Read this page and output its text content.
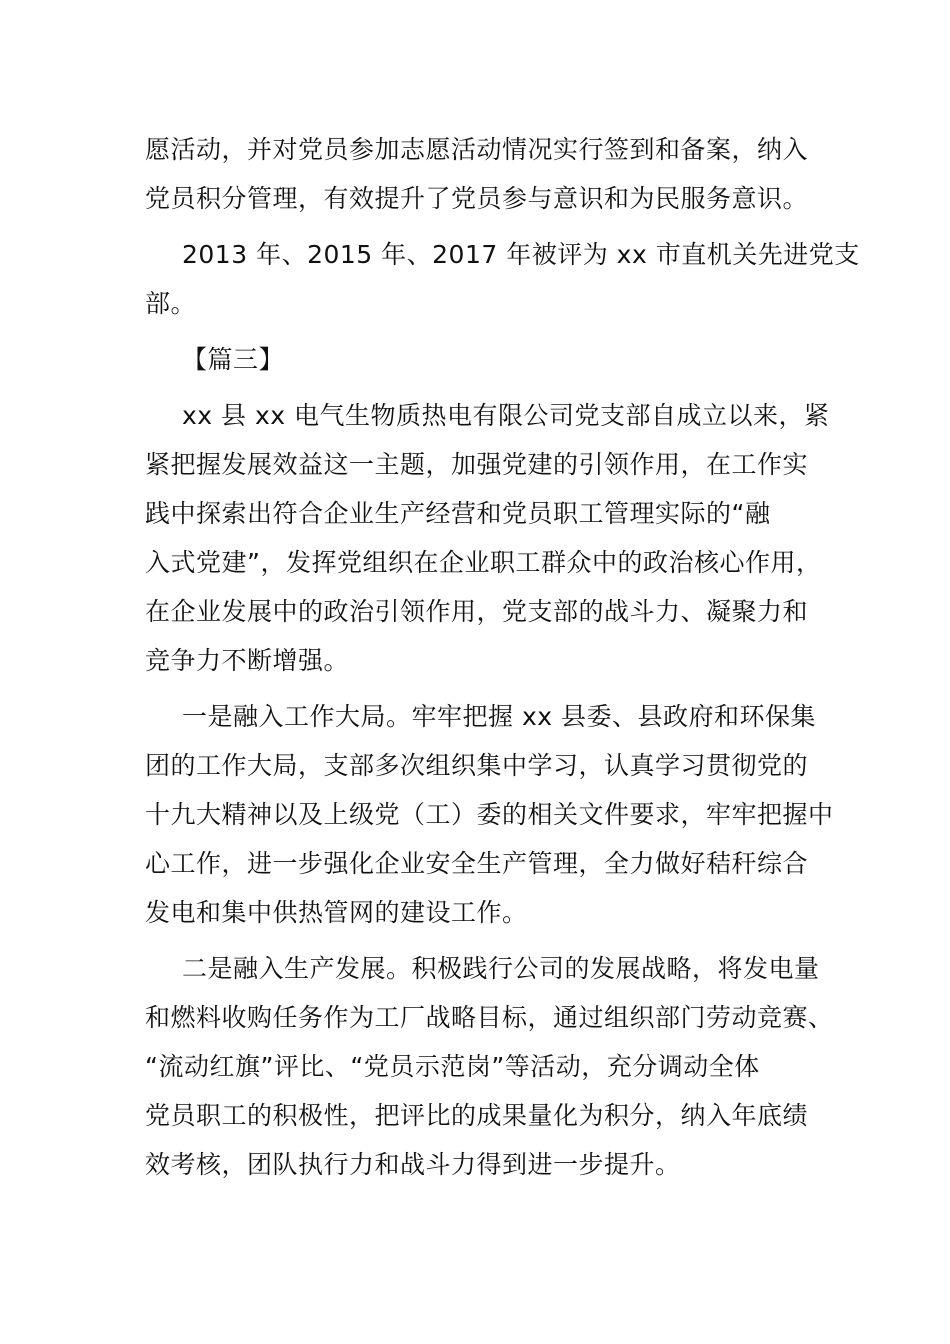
愿活动，并对党员参加志愿活动情况实行签到和备案，纳入
党员积分管理，有效提升了党员参与意识和为民服务意识。
2013 年、2015 年、2017 年被评为 xx 市直机关先进党支
部。
【篇三】
xx 县 xx 电气生物质热电有限公司党支部自成立以来，紧
紧把握发展效益这一主题，加强党建的引领作用，在工作实
践中探索出符合企业生产经营和党员职工管理实际的“融
入式党建”，发挥党组织在企业职工群众中的政治核心作用，
在企业发展中的政治引领作用，党支部的战斗力、凝聚力和
竞争力不断增强。
一是融入工作大局。牢牢把握 xx 县委、县政府和环保集
团的工作大局，支部多次组织集中学习，认真学习贯彻党的
十九大精神以及上级党（工）委的相关文件要求，牢牢把握中
心工作，进一步强化企业安全生产管理，全力做好秸秆综合
发电和集中供热管网的建设工作。
二是融入生产发展。积极践行公司的发展战略，将发电量
和燃料收购任务作为工厂战略目标，通过组织部门劳动竞赛、
“流动红旗”评比、“党员示范岗”等活动，充分调动全体
党员职工的积极性，把评比的成果量化为积分，纳入年底绩
效考核，团队执行力和战斗力得到进一步提升。
